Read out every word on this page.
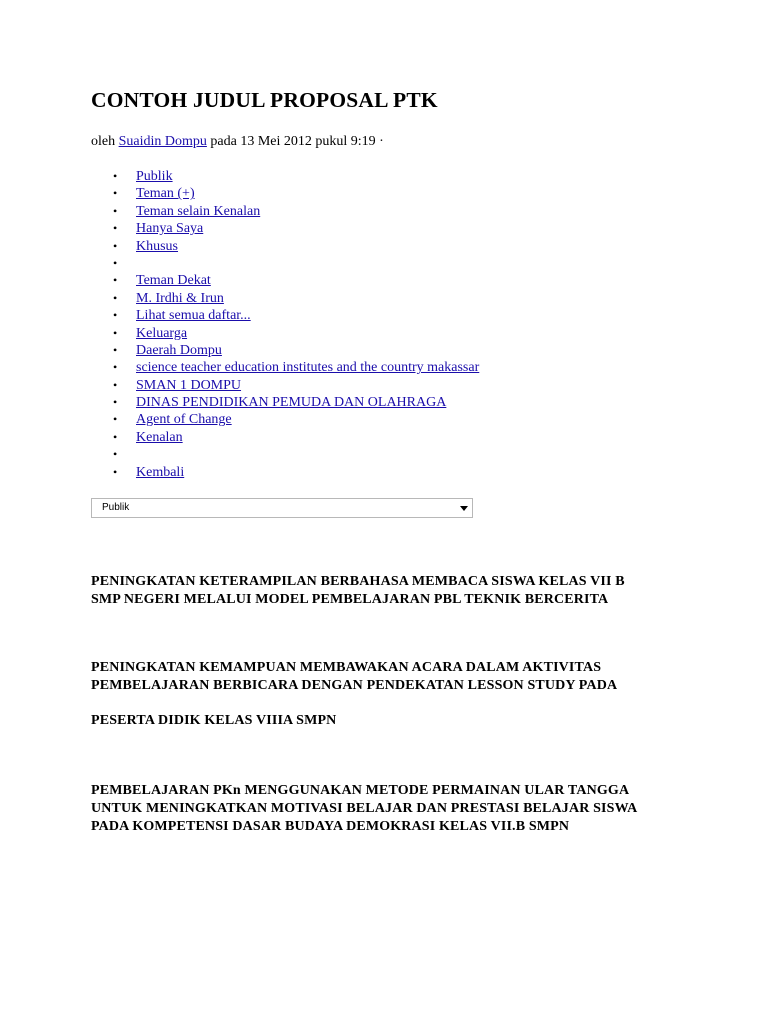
CONTOH JUDUL PROPOSAL PTK
oleh Suaidin Dompu pada 13 Mei 2012 pukul 9:19 ·
• Publik
• Teman (+)
• Teman selain Kenalan
• Hanya Saya
• Khusus
•
• Teman Dekat
• M. Irdhi & Irun
• Lihat semua daftar...
• Keluarga
• Daerah Dompu
• science teacher education institutes and the country makassar
• SMAN 1 DOMPU
• DINAS PENDIDIKAN PEMUDA DAN OLAHRAGA
• Agent of Change
• Kenalan
•
• Kembali
Publik

PENINGKATAN KETERAMPILAN BERBAHASA MEMBACA SISWA KELAS VII B
SMP NEGERI MELALUI MODEL PEMBELAJARAN PBL TEKNIK BERCERITA

PENINGKATAN KEMAMPUAN MEMBAWAKAN ACARA DALAM AKTIVITAS
PEMBELAJARAN BERBICARA DENGAN PENDEKATAN LESSON STUDY PADA

PESERTA DIDIK KELAS VIIIA SMPN

PEMBELAJARAN PKn MENGGUNAKAN METODE PERMAINAN ULAR TANGGA
UNTUK MENINGKATKAN MOTIVASI BELAJAR DAN PRESTASI BELAJAR SISWA
PADA KOMPETENSI DASAR BUDAYA DEMOKRASI KELAS VII.B SMPN
